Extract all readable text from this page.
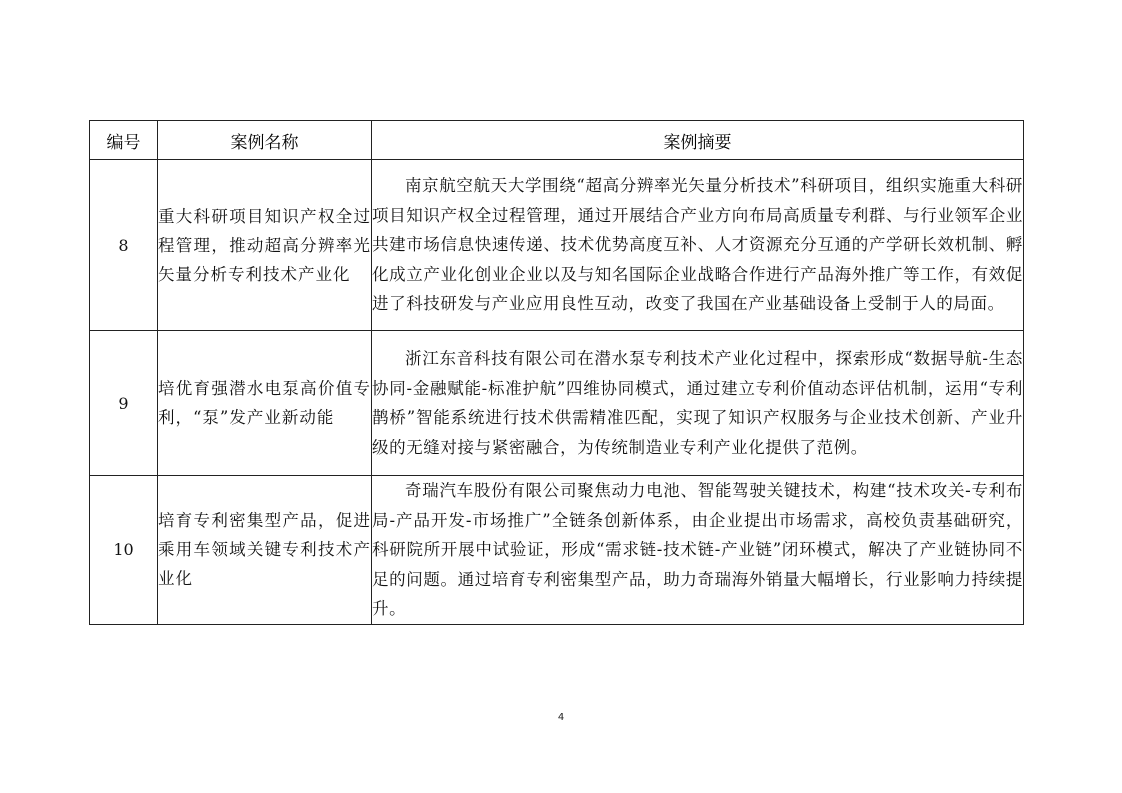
编号	案例名称	案例摘要
8	重大科研项目知识产权全过程管理，推动超高分辨率光矢量分析专利技术产业化	南京航空航天大学围绕“超高分辨率光矢量分析技术”科研项目，组织实施重大科研项目知识产权全过程管理，通过开展结合产业方向布局高质量专利群、与行业领军企业共建市场信息快速传递、技术优势高度互补、人才资源充分互通的产学研长效机制、孵化成立产业化创业企业以及与知名国际企业战略合作进行产品海外推广等工作，有效促进了科技研发与产业应用良性互动，改变了我国在产业基础设备上受制于人的局面。
9	培优育强潜水电泵高价值专利，“泵”发产业新动能	浙江东音科技有限公司在潜水泵专利技术产业化过程中，探索形成“数据导航-生态协同-金融赋能-标准护航”四维协同模式，通过建立专利价值动态评估机制，运用“专利鹊桥”智能系统进行技术供需精准匹配，实现了知识产权服务与企业技术创新、产业升级的无缝对接与紧密融合，为传统制造业专利产业化提供了范例。
10	培育专利密集型产品，促进乘用车领域关键专利技术产业化	奇瑞汽车股份有限公司聚焦动力电池、智能驾驶关键技术，构建“技术攻关-专利布局-产品开发-市场推广”全链条创新体系，由企业提出市场需求，高校负责基础研究，科研院所开展中试验证，形成“需求链-技术链-产业链”闭环模式，解决了产业链协同不足的问题。通过培育专利密集型产品，助力奇瑞海外销量大幅增长，行业影响力持续提升。
4
